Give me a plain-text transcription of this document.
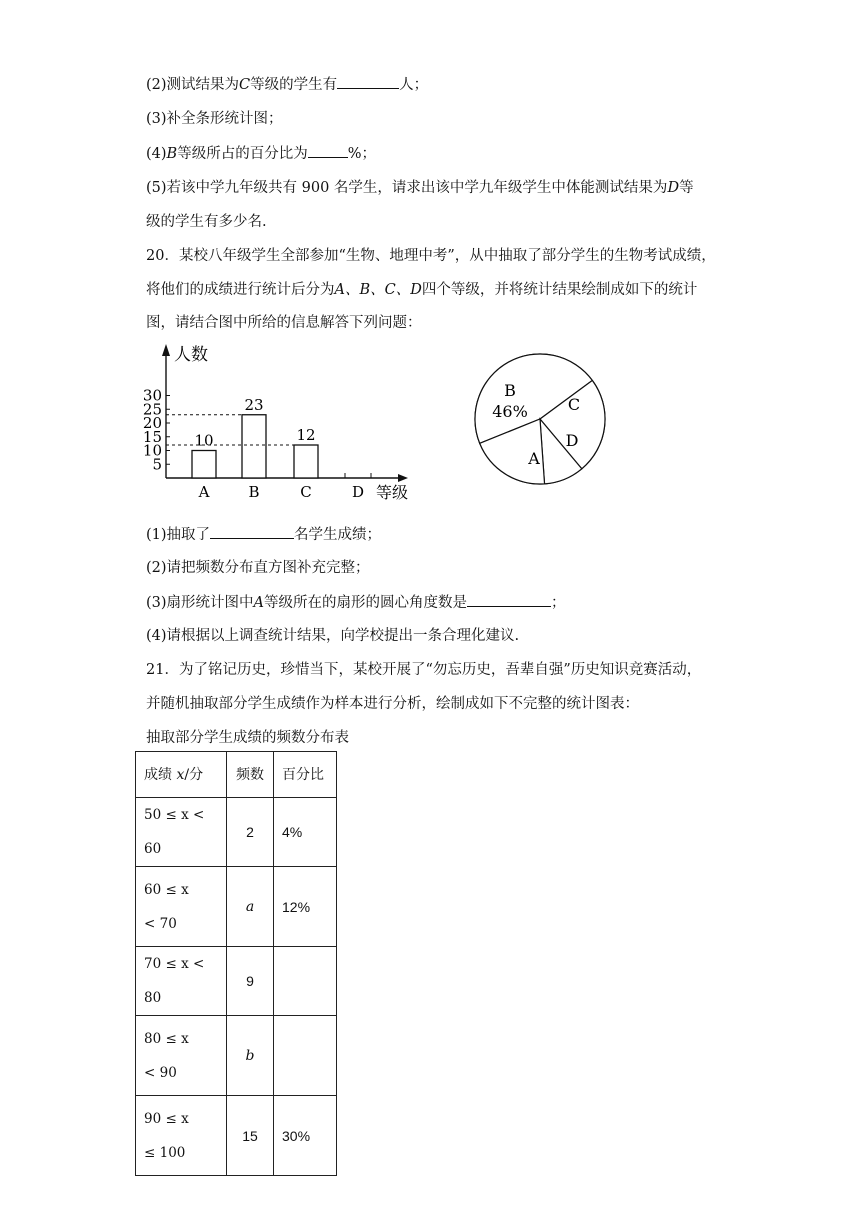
(2)测试结果为C等级的学生有	人；
(3)补全条形统计图；
(4)B等级所占的百分比为	%；
(5)若该中学九年级共有 900 名学生，请求出该中学九年级学生中体能测试结果为D等
级的学生有多少名.
20．某校八年级学生全部参加“生物、地理中考”，从中抽取了部分学生的生物考试成绩，
将他们的成绩进行统计后分为A、B、C、D四个等级，并将统计结果绘制成如下的统计
图，请结合图中所给的信息解答下列问题：
人数
等级
5
10
15
20
25
30
A
10
B
23
C
12
D
B
46%	C
D
A
(1)抽取了	名学生成绩；
(2)请把频数分布直方图补充完整；
(3)扇形统计图中A等级所在的扇形的圆心角度数是	；
(4)请根据以上调查统计结果，向学校提出一条合理化建议.
21．为了铭记历史，珍惜当下，某校开展了“勿忘历史，吾辈自强”历史知识竞赛活动，
并随机抽取部分学生成绩作为样本进行分析，绘制成如下不完整的统计图表：
抽取部分学生成绩的频数分布表
成绩 x/分	频数	百分比
50 ≤ x < 60	2	4%

60 ≤ x
< 70	a	12%
70 ≤ x < 80	9	

80 ≤ x
< 90	b	

90 ≤ x
≤ 100	15	30%
